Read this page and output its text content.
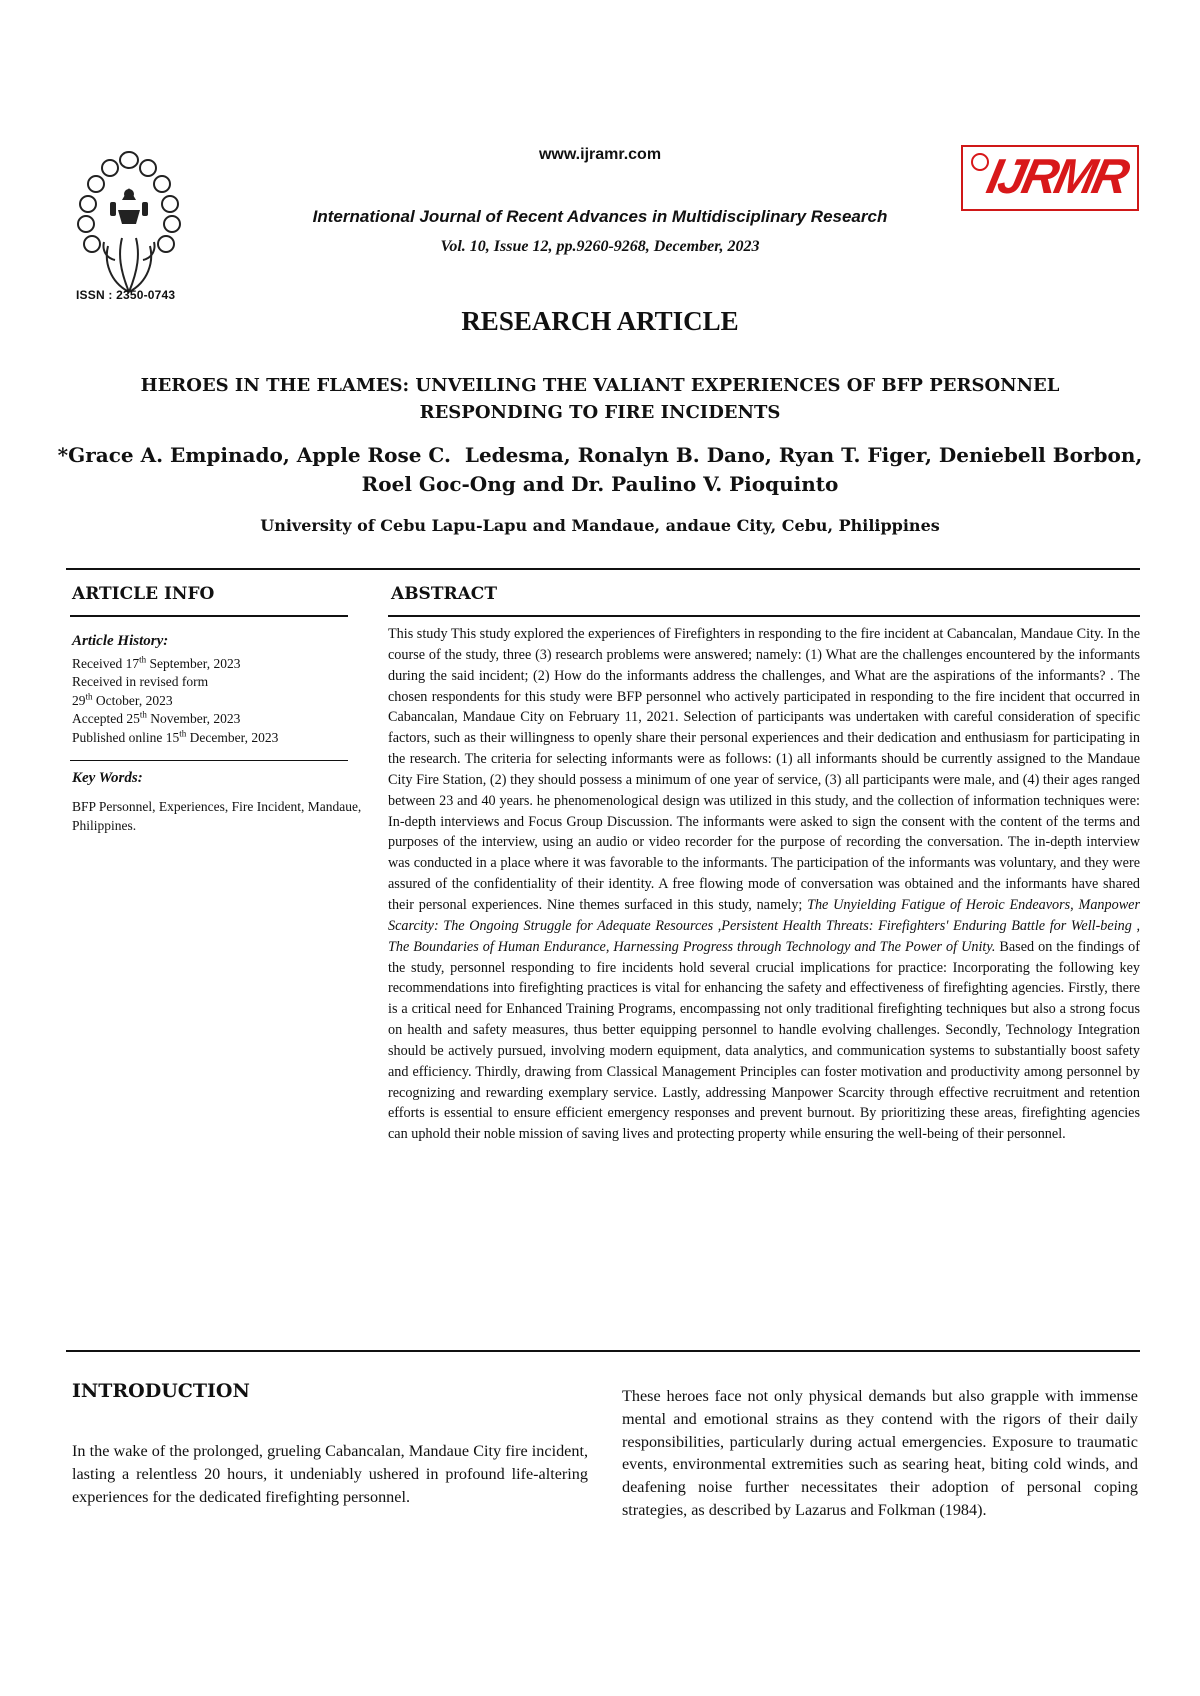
ISSN : 2350-0743
www.ijramr.com
International Journal of Recent Advances in Multidisciplinary Research
Vol. 10, Issue 12, pp.9260-9268, December, 2023
IJRMR
RESEARCH ARTICLE
HEROES IN THE FLAMES: UNVEILING THE VALIANT EXPERIENCES OF BFP PERSONNEL
RESPONDING TO FIRE INCIDENTS
*Grace A. Empinado, Apple Rose C.  Ledesma, Ronalyn B. Dano, Ryan T. Figer, Deniebell Borbon,
Roel Goc-Ong and Dr. Paulino V. Pioquinto
University of Cebu Lapu-Lapu and Mandaue, andaue City, Cebu, Philippines
ARTICLE INFO
Article History:
Received 17th September, 2023
Received in revised form
29th October, 2023
Accepted 25th November, 2023
Published online 15th December, 2023
Key Words:
BFP Personnel, Experiences, Fire Incident, Mandaue, Philippines.
ABSTRACT
This study This study explored the experiences of Firefighters in responding to the fire incident at Cabancalan, Mandaue City. In the course of the study, three (3) research problems were answered; namely: (1) What are the challenges encountered by the informants during the said incident; (2) How do the informants address the challenges, and What are the aspirations of the informants? . The chosen respondents for this study were BFP personnel who actively participated in responding to the fire incident that occurred in Cabancalan, Mandaue City on February 11, 2021. Selection of participants was undertaken with careful consideration of specific factors, such as their willingness to openly share their personal experiences and their dedication and enthusiasm for participating in the research. The criteria for selecting informants were as follows: (1) all informants should be currently assigned to the Mandaue City Fire Station, (2) they should possess a minimum of one year of service, (3) all participants were male, and (4) their ages ranged between 23 and 40 years. he phenomenological design was utilized in this study, and the collection of information techniques were: In-depth interviews and Focus Group Discussion. The informants were asked to sign the consent with the content of the terms and purposes of the interview, using an audio or video recorder for the purpose of recording the conversation. The in-depth interview was conducted in a place where it was favorable to the informants. The participation of the informants was voluntary, and they were assured of the confidentiality of their identity. A free flowing mode of conversation was obtained and the informants have shared their personal experiences. Nine themes surfaced in this study, namely; The Unyielding Fatigue of Heroic Endeavors, Manpower Scarcity: The Ongoing Struggle for Adequate Resources ,Persistent Health Threats: Firefighters' Enduring Battle for Well-being , The Boundaries of Human Endurance, Harnessing Progress through Technology and The Power of Unity. Based on the findings of the study, personnel responding to fire incidents hold several crucial implications for practice: Incorporating the following key recommendations into firefighting practices is vital for enhancing the safety and effectiveness of firefighting agencies. Firstly, there is a critical need for Enhanced Training Programs, encompassing not only traditional firefighting techniques but also a strong focus on health and safety measures, thus better equipping personnel to handle evolving challenges. Secondly, Technology Integration should be actively pursued, involving modern equipment, data analytics, and communication systems to substantially boost safety and efficiency. Thirdly, drawing from Classical Management Principles can foster motivation and productivity among personnel by recognizing and rewarding exemplary service. Lastly, addressing Manpower Scarcity through effective recruitment and retention efforts is essential to ensure efficient emergency responses and prevent burnout. By prioritizing these areas, firefighting agencies can uphold their noble mission of saving lives and protecting property while ensuring the well-being of their personnel.
INTRODUCTION
In the wake of the prolonged, grueling Cabancalan, Mandaue City fire incident, lasting a relentless 20 hours, it undeniably ushered in profound life-altering experiences for the dedicated firefighting personnel.
These heroes face not only physical demands but also grapple with immense mental and emotional strains as they contend with the rigors of their daily responsibilities, particularly during actual emergencies. Exposure to traumatic events, environmental extremities such as searing heat, biting cold winds, and deafening noise further necessitates their adoption of personal coping strategies, as described by Lazarus and Folkman (1984).
